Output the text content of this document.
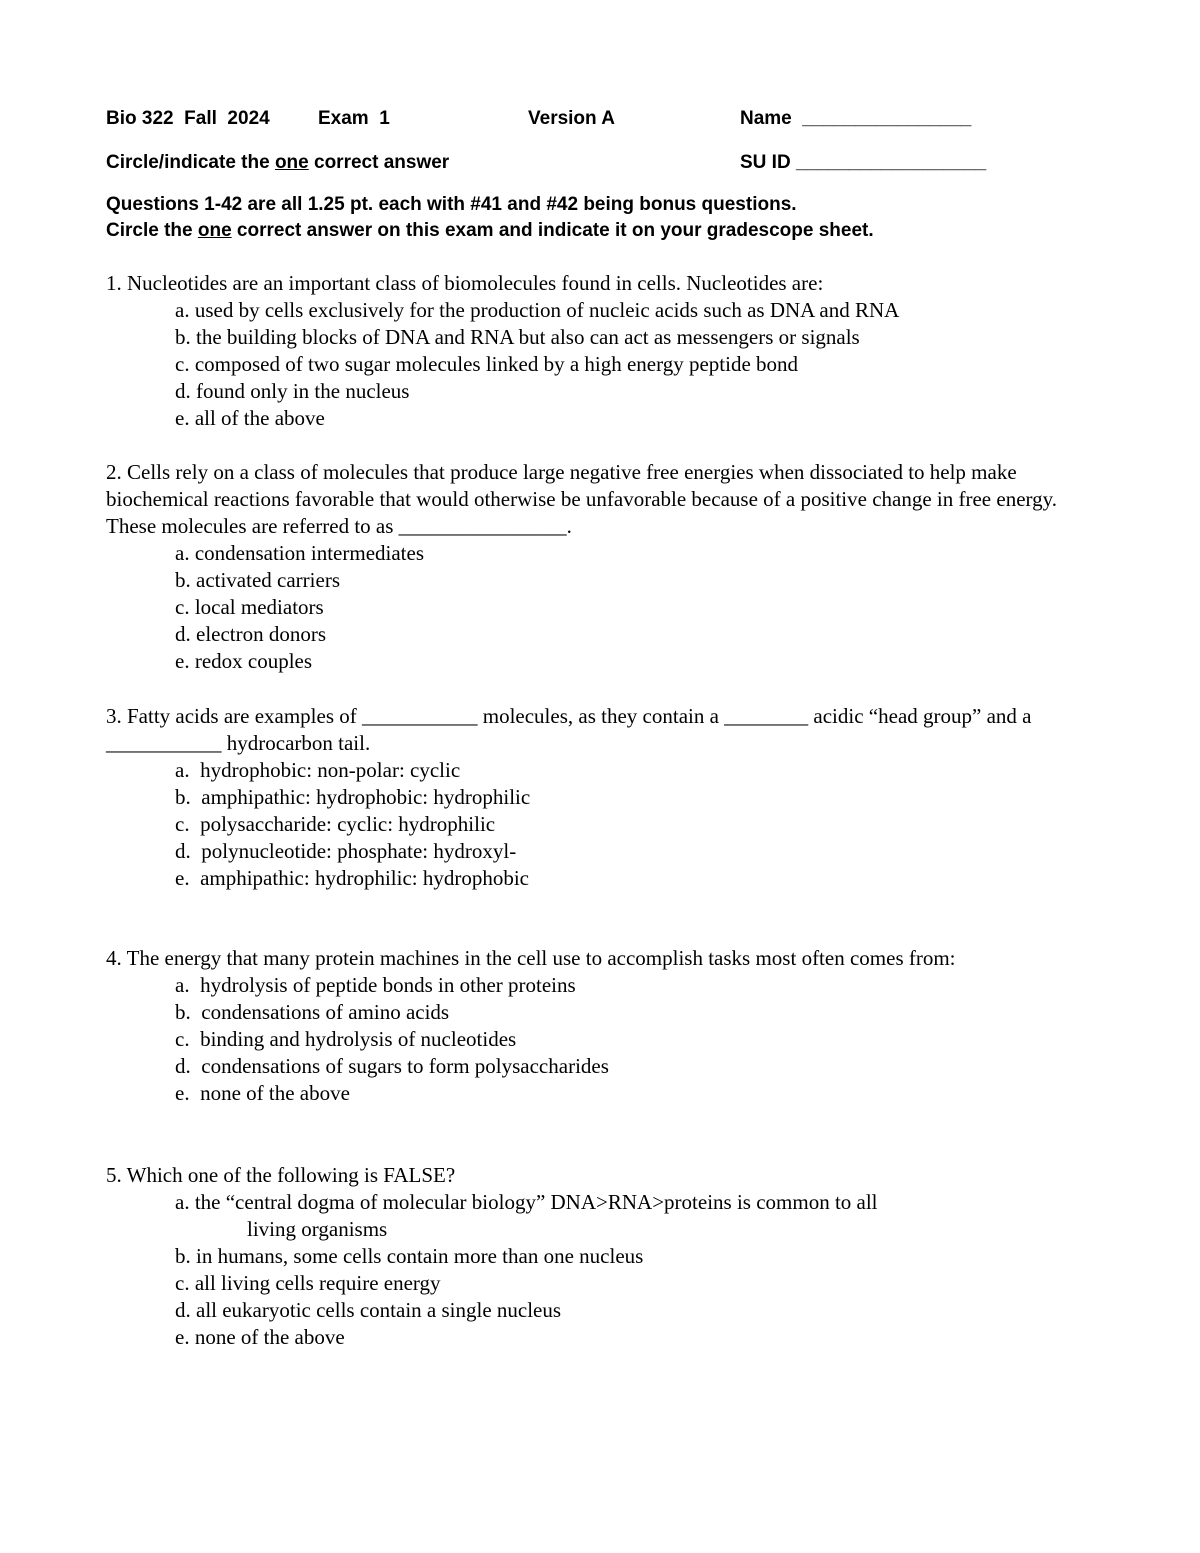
Bio 322  Fall  2024	Exam  1	Version A	Name  ________________
Circle/indicate the one correct answer	SU ID __________________
Questions 1-42 are all 1.25 pt. each with #41 and #42 being bonus questions.
Circle the one correct answer on this exam and indicate it on your gradescope sheet.
1. Nucleotides are an important class of biomolecules found in cells. Nucleotides are:
a. used by cells exclusively for the production of nucleic acids such as DNA and RNA
b. the building blocks of DNA and RNA but also can act as messengers or signals
c. composed of two sugar molecules linked by a high energy peptide bond
d. found only in the nucleus
e. all of the above
2. Cells rely on a class of molecules that produce large negative free energies when dissociated to help make biochemical reactions favorable that would otherwise be unfavorable because of a positive change in free energy. These molecules are referred to as ________________.
a. condensation intermediates
b. activated carriers
c. local mediators
d. electron donors
e. redox couples
3. Fatty acids are examples of ___________ molecules, as they contain a ________ acidic “head group” and a ___________ hydrocarbon tail.
a.  hydrophobic: non-polar: cyclic
b.  amphipathic: hydrophobic: hydrophilic
c.  polysaccharide: cyclic: hydrophilic
d.  polynucleotide: phosphate: hydroxyl-
e.  amphipathic: hydrophilic: hydrophobic
4. The energy that many protein machines in the cell use to accomplish tasks most often comes from:
a.  hydrolysis of peptide bonds in other proteins
b.  condensations of amino acids
c.  binding and hydrolysis of nucleotides
d.  condensations of sugars to form polysaccharides
e.  none of the above
5. Which one of the following is FALSE?
a. the “central dogma of molecular biology” DNA>RNA>proteins is common to all
living organisms
b. in humans, some cells contain more than one nucleus
c. all living cells require energy
d. all eukaryotic cells contain a single nucleus
e. none of the above
